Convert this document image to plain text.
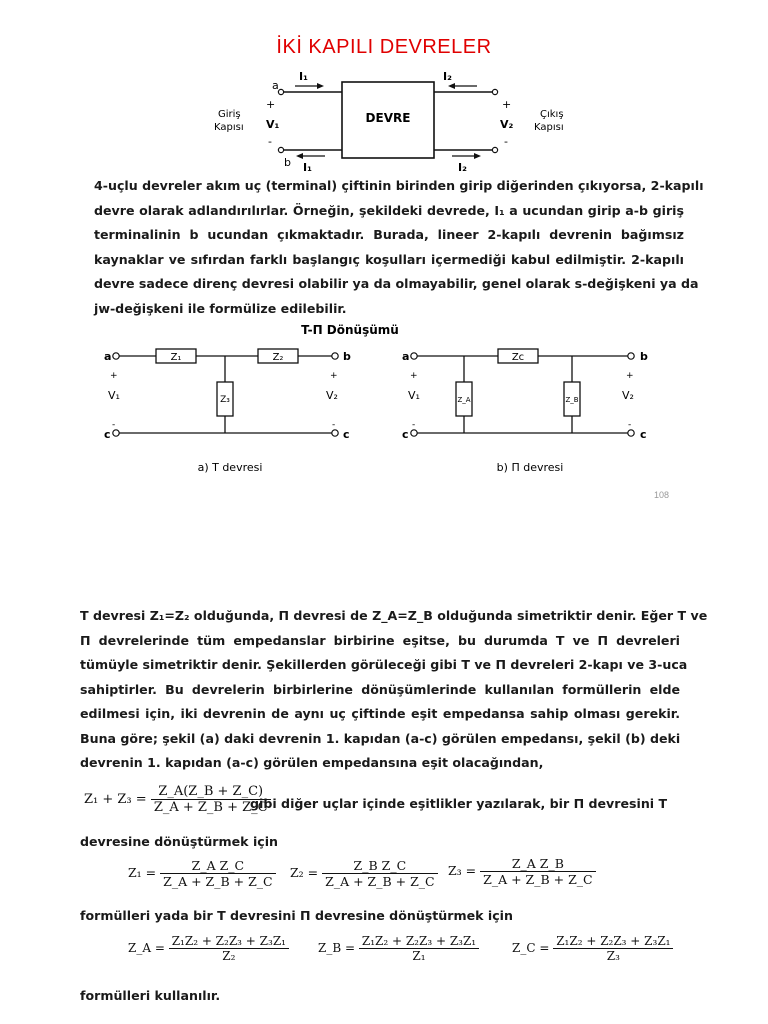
İKİ KAPILI DEVRELER
DEVRE
a
b
I₁
I₁
I₂
I₂
Giriş
Kapısı
+
V₁
-
+
V₂
-
Çıkış
Kapısı

4-uçlu devreler akım uç (terminal) çiftinin birinden girip diğerinden çıkıyorsa, 2-kapılı

devre olarak adlandırılırlar. Örneğin, şekildeki devrede, I₁ a ucundan girip a-b giriş

terminalinin b ucundan çıkmaktadır. Burada, lineer 2-kapılı devrenin bağımsız

kaynaklar ve sıfırdan farklı başlangıç koşulları içermediği kabul edilmiştir. 2-kapılı

devre sadece direnç devresi olabilir ya da olmayabilir, genel olarak s-değişkeni ya da

jw-değişkeni ile formülize edilebilir.

T-Π Dönüşümü
Z₁	Z₂
Z₃
a	b
c	c
+
V₁
-
+
V₂
-
a) T devresi
Zc
Z_A	Z_B
a	b
c	c
+
V₁
-
+
V₂
-
b) Π devresi
108

T devresi Z₁=Z₂ olduğunda, Π devresi de Z_A=Z_B olduğunda simetriktir denir. Eğer T ve

Π devrelerinde tüm empedanslar birbirine eşitse, bu durumda T ve Π devreleri

tümüyle simetriktir denir. Şekillerden görüleceği gibi T ve Π devreleri 2-kapı ve 3-uca

sahiptirler. Bu devrelerin birbirlerine dönüşümlerinde kullanılan formüllerin elde

edilmesi için, iki devrenin de aynı uç çiftinde eşit empedansa sahip olması gerekir.

Buna göre; şekil (a) daki devrenin 1. kapıdan (a-c) görülen empedansı, şekil (b) deki

devrenin 1. kapıdan (a-c) görülen empedansına eşit olacağından,

$Z_1 + Z_3 = \frac{Z\_A(Z\_B + Z\_C)}{Z\_A + Z\_B + Z\_C}$
gibi diğer uçlar içinde eşitlikler yazılarak, bir Π devresini T
devresine dönüştürmek için
$Z_1 = \frac{\text{Z\_A Z\_C}}{Z\_A + Z\_B + Z\_C} Z_2 = \frac{\text{Z\_B Z\_C}}{Z\_A + Z\_B + Z\_C} Z_3 = \frac{\text{Z\_A Z\_B}}{Z\_A + Z\_B + Z\_C}$
formülleri yada bir T devresini Π devresine dönüştürmek için
Z_A = $\frac{\text{Z₁Z₂ + Z₂Z₃ + Z₃Z₁}}{\text{Z₂}}$ Z_B = $\frac{\text{Z₁Z₂ + Z₂Z₃ + Z₃Z₁}}{\text{Z₁}}$	Z_C = $\frac{\text{Z₁Z₂ + Z₂Z₃ + Z₃Z₁}}{\text{Z₃}}$
formülleri kullanılır.
